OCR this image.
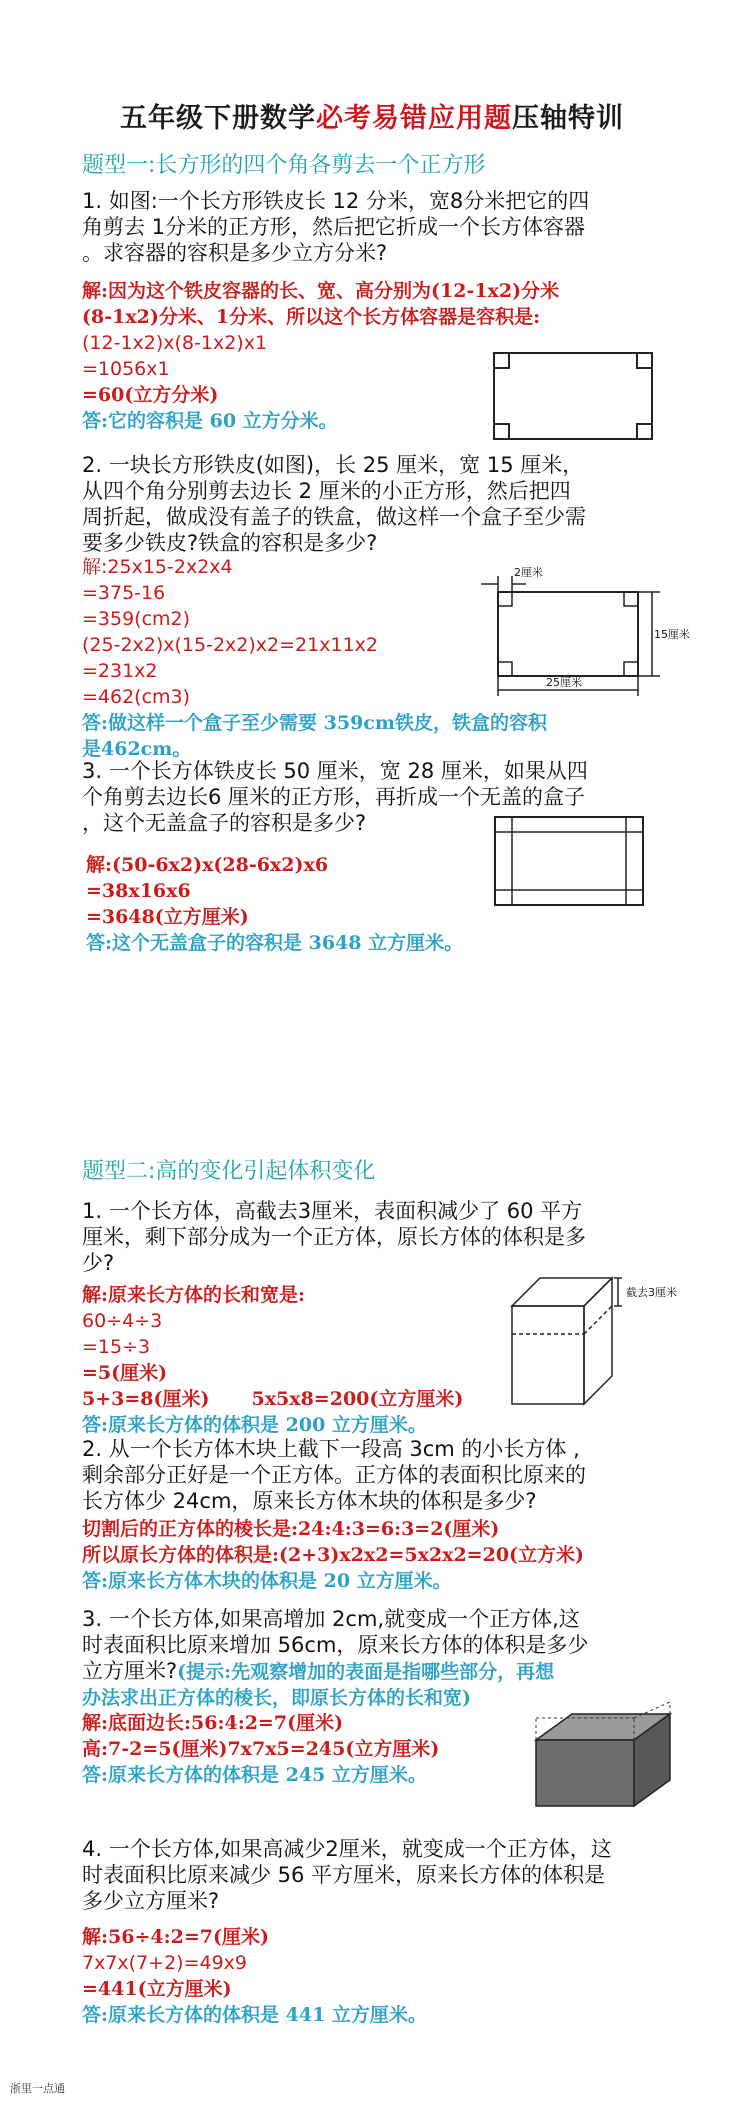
五年级下册数学必考易错应用题压轴特训
题型一:长方形的四个角各剪去一个正方形
1. 如图:一个长方形铁皮长 12 分米，宽8分米把它的四
角剪去 1分米的正方形，然后把它折成一个长方体容器
。求容器的容积是多少立方分米?
解:因为这个铁皮容器的长、宽、高分别为(12-1x2)分米
(8-1x2)分米、1分米、所以这个长方体容器是容积是:
(12-1x2)x(8-1x2)x1
=1056x1
=60(立方分米)
答:它的容积是 60 立方分米。
2. 一块长方形铁皮(如图)，长 25 厘米，宽 15 厘米，
从四个角分别剪去边长 2 厘米的小正方形，然后把四
周折起，做成没有盖子的铁盒，做这样一个盒子至少需
要多少铁皮?铁盒的容积是多少?
解:25x15-2x2x4
=375-16
=359(cm2)
(25-2x2)x(15-2x2)x2=21x11x2
=231x2
=462(cm3)
答:做这样一个盒子至少需要 359cm铁皮，铁盒的容积
是462cm。
2厘米
15厘米
25厘米
3. 一个长方体铁皮长 50 厘米，宽 28 厘米，如果从四
个角剪去边长6 厘米的正方形，再折成一个无盖的盒子
，这个无盖盒子的容积是多少?
解:(50-6x2)x(28-6x2)x6
=38x16x6
=3648(立方厘米)
答:这个无盖盒子的容积是 3648 立方厘米。
题型二:高的变化引起体积变化
1. 一个长方体，高截去3厘米，表面积减少了 60 平方
厘米，剩下部分成为一个正方体，原长方体的体积是多
少?
解:原来长方体的长和宽是:
60÷4÷3
=15÷3
=5(厘米)
5+3=8(厘米) 5x5x8=200(立方厘米)
答:原来长方体的体积是 200 立方厘米。
截去3厘米
2. 从一个长方体木块上截下一段高 3cm 的小长方体 ,
剩余部分正好是一个正方体。正方体的表面积比原来的
长方体少 24cm，原来长方体木块的体积是多少?
切割后的正方体的棱长是:24:4:3=6:3=2(厘米)
所以原长方体的体积是:(2+3)x2x2=5x2x2=20(立方米)
答:原来长方体木块的体积是 20 立方厘米。
3. 一个长方体,如果高增加 2cm,就变成一个正方体,这
时表面积比原来增加 56cm，原来长方体的体积是多少
立方厘米?(提示:先观察增加的表面是指哪些部分，再想
办法求出正方体的棱长，即原长方体的长和宽)
解:底面边长:56:4:2=7(厘米)
高:7-2=5(厘米)7x7x5=245(立方厘米)
答:原来长方体的体积是 245 立方厘米。
4. 一个长方体,如果高减少2厘米，就变成一个正方体，这
时表面积比原来减少 56 平方厘米，原来长方体的体积是
多少立方厘米?
解:56÷4:2=7(厘米)
7x7x(7+2)=49x9
=441(立方厘米)
答:原来长方体的体积是 441 立方厘米。
浙里一点通
